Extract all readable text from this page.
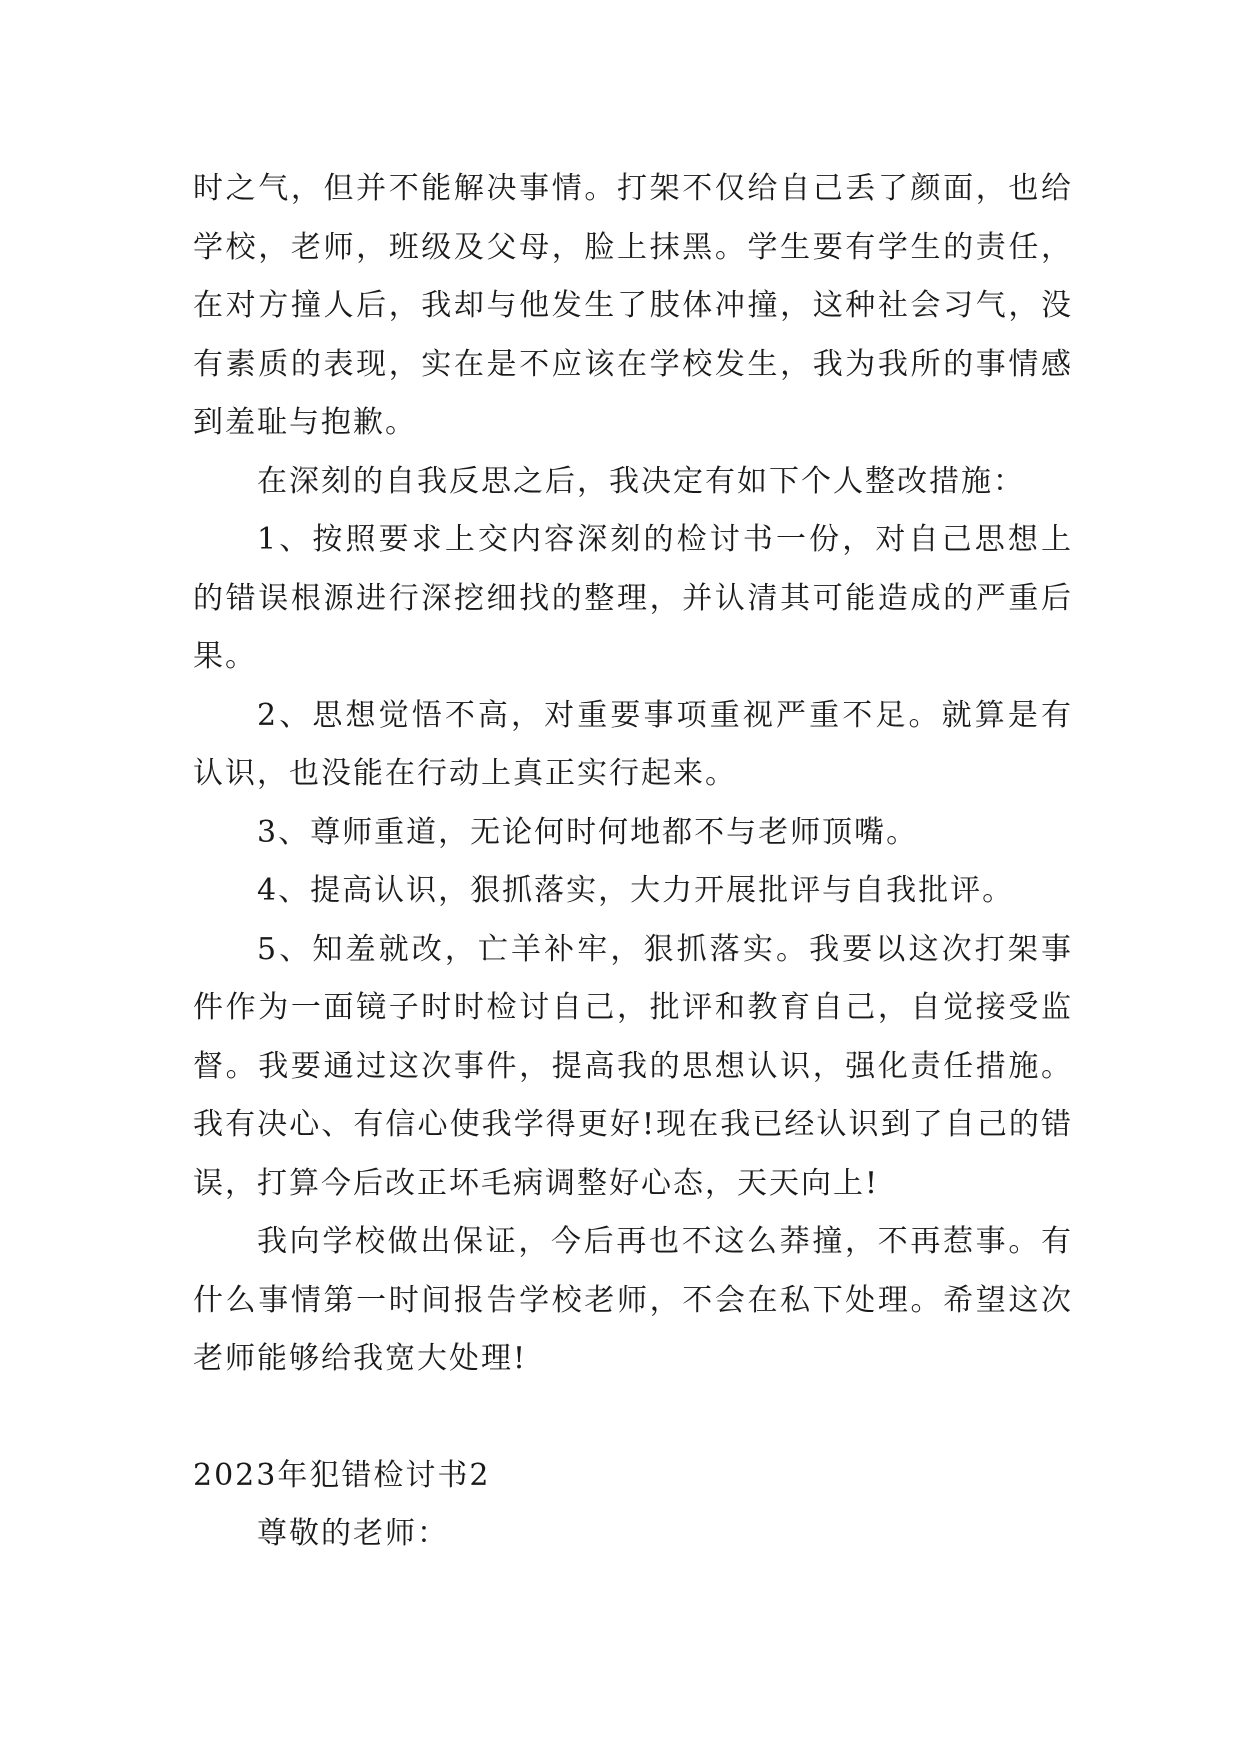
时之气，但并不能解决事情。打架不仅给自己丢了颜面，也给学校，老师，班级及父母，脸上抹黑。学生要有学生的责任，在对方撞人后，我却与他发生了肢体冲撞，这种社会习气，没有素质的表现，实在是不应该在学校发生，我为我所的事情感到羞耻与抱歉。

在深刻的自我反思之后，我决定有如下个人整改措施：

1、按照要求上交内容深刻的检讨书一份，对自己思想上的错误根源进行深挖细找的整理，并认清其可能造成的严重后果。

2、思想觉悟不高，对重要事项重视严重不足。就算是有认识，也没能在行动上真正实行起来。

3、尊师重道，无论何时何地都不与老师顶嘴。

4、提高认识，狠抓落实，大力开展批评与自我批评。

5、知羞就改，亡羊补牢，狠抓落实。我要以这次打架事件作为一面镜子时时检讨自己，批评和教育自己，自觉接受监督。我要通过这次事件，提高我的思想认识，强化责任措施。我有决心、有信心使我学得更好!现在我已经认识到了自己的错误，打算今后改正坏毛病调整好心态，天天向上!

我向学校做出保证，今后再也不这么莽撞，不再惹事。有什么事情第一时间报告学校老师，不会在私下处理。希望这次老师能够给我宽大处理!

2023年犯错检讨书2

尊敬的老师：
